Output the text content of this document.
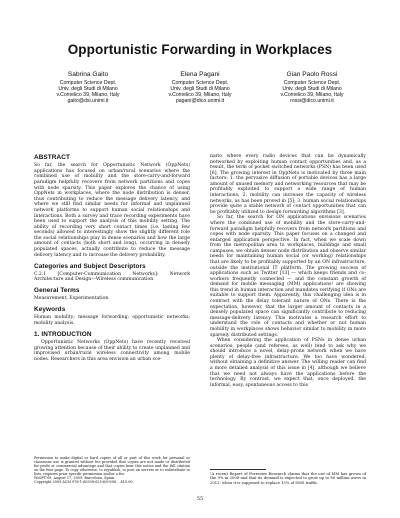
Opportunistic Forwarding in Workplaces
Sabrina Gaito
Computer Science Dept.
Univ. degli Studi di Milano
v.Comelico 39, Milano, Italy
gaito@dsi.unimi.it
Elena Pagani
Computer Science Dept.
Univ. degli Studi di Milano
v.Comelico 39, Milano, Italy
pagani@dico.unimi.it
Gian Paolo Rossi
Computer Science Dept.
Univ. degli Studi di Milano
v.Comelico 39, Milano, Italy
rossi@dico.unimi.it
ABSTRACT

So far, the search for Opportunistic Network (OppNets) applications has focused on urban/rural scenarios where the combined use of mobility and the store-carry-and-forward paradigm helpfully recovers from network partitions and copes with node sparsity. This paper explores the chance of using OppNets in workplaces, where the node distribution is denser, thus contributing to reduce the message delivery latency, and where we still find similar needs for informal and unplanned network platforms to support human social relationships and interactions. Both a survey and trace recording experiments have been used to support the analysis of this mobility setting. The ability of recording very short contact times (i.e. lasting few seconds) allowed to interestingly show the slightly different role the social relationships play in dense scenarios and how the large amount of contacts (both short and long), occurring in densely populated spaces, actually contribute to reduce the message delivery latency and to increase the delivery probability.

Categories and Subject Descriptors

C.2.1 [Computer-Communication Networks]: Network Architecture and Design—Wireless communication

General Terms

Measurement, Experimentation

Keywords

Human mobility; message forwarding; opportunistic networks; mobility analysis.

1. INTRODUCTION

Opportunistic Networks (OppNets) have recently received growing attention because of their ability to create unplanned and improvised urban/rural wireless connectivity among mobile nodes. Researchers in this area envision an urban sce-

Permission to make digital or hard copies of all or part of this work for personal or classroom use is granted without fee provided that copies are not made or distributed for profit or commercial advantage and that copies bear this notice and the full citation on the first page. To copy otherwise, to republish, to post on servers or to redistribute to lists, requires prior specific permission and/or a fee.

WiOPT'09, August 17, 2009, Barcelona, Spain.

Copyright 2009 ACM 978-1-60558-625-6/09/08 ...$10.00.

nario where every radio devices that can be dynamically networked by exploiting human contact opportunities and, as a result, the term of pocket switched networks (PSN) has been used [6]. The growing interest in OppNets is motivated by three main factors: 1. the pervasive diffusion of portable devices has a large amount of unused memory and networking resources that may be profitably exploited to support a wide range of human interactions; 2. mobility can increase the capacity of wireless networks, as has been proved in [5]; 3. human social relationships provide quite a stable network of contact opportunities that can be profitably utilized to design forwarding algorithms [3].

So far, the search for ON applications envisions scenarios where the combined use of mobility and the store-carry-and-forward paradigm helpfully recovers from network partitions and copes with node sparsity. This paper focuses on a changed and enlarged application perspective. In fact, when we scale down from the metropolitan area to workplaces, buildings and small campuses, we obtain denser node distribution and observe similar needs for maintaining human social (or working) relationships that are likely to be profitably supported by an ON infrastructure, outside the institutional IT platform. The growing success of applications such as Twitter [13] — which keeps friends and co-workers frequently connected — and the constant growth of demand for mobile messaging (MM) applications¹ are showing this trend in human interaction and mandates verifying if ONs are suitable to support them. Apparently, this challenging idea is in contrast with the delay tolerant nature of ONs. There is the expectation, however, that the larger amount of contacts in a densely populated space can significantly contribute to reducing message-delivery latency. This motivates a research effort to understand the role of contacts and whether or not human mobility in workplaces shows behavior similar to mobility in more sparsely distributed settings.

When considering the application of PSNs in dense urban scenarios, people (and referees, as well) tend to ask why we should introduce a novel, delay-prone network when we have plenty of delay-free infrastructure. We too have wondered, without obtaining a definitive answer. The willing reader can find a more detailed analysis of this issue in [4], although we believe that we need not always have the applications before the technology. By contrast, we expect that, once deployed, the informal, easy, spontaneous access to this

¹A recent Report of Forrester Research claims that the use of MM has grown of the 9% in 2008 and that its demand is expected to grow up to 80 million users in 2013, when it is supposed to replace 15% of SMS traffic.
55
